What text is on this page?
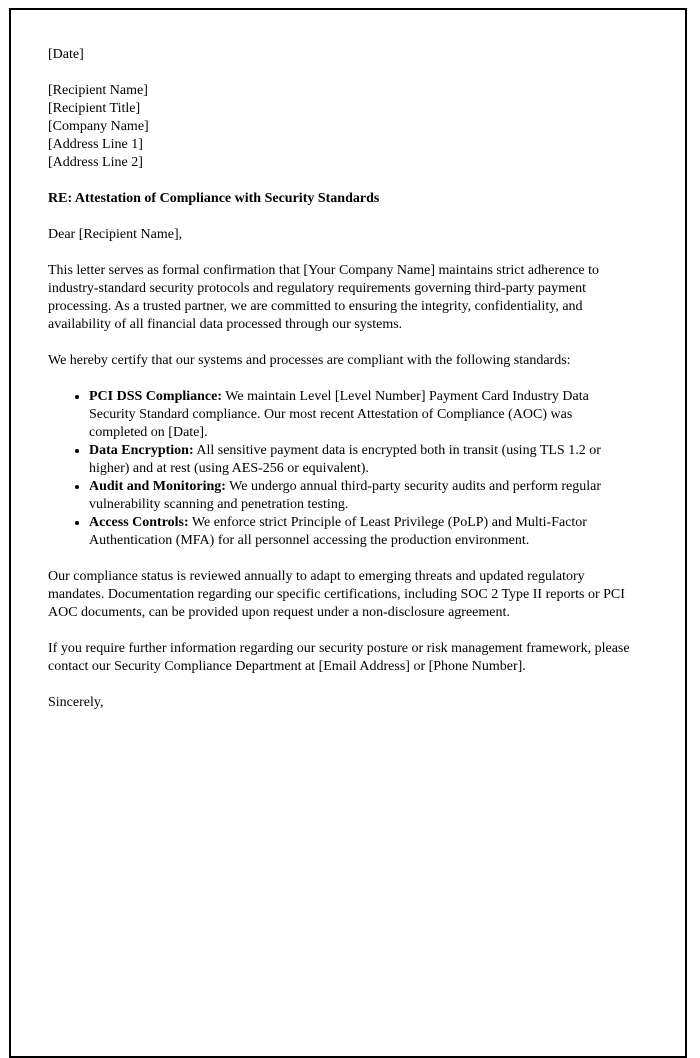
[Date]

[Recipient Name]
[Recipient Title]
[Company Name]
[Address Line 1]
[Address Line 2]

RE: Attestation of Compliance with Security Standards

Dear [Recipient Name],

This letter serves as formal confirmation that [Your Company Name] maintains strict adherence to industry-standard security protocols and regulatory requirements governing third-party payment processing. As a trusted partner, we are committed to ensuring the integrity, confidentiality, and availability of all financial data processed through our systems.

We hereby certify that our systems and processes are compliant with the following standards:

• PCI DSS Compliance: We maintain Level [Level Number] Payment Card Industry Data Security Standard compliance. Our most recent Attestation of Compliance (AOC) was completed on [Date].
• Data Encryption: All sensitive payment data is encrypted both in transit (using TLS 1.2 or higher) and at rest (using AES-256 or equivalent).
• Audit and Monitoring: We undergo annual third-party security audits and perform regular vulnerability scanning and penetration testing.
• Access Controls: We enforce strict Principle of Least Privilege (PoLP) and Multi-Factor Authentication (MFA) for all personnel accessing the production environment.

Our compliance status is reviewed annually to adapt to emerging threats and updated regulatory mandates. Documentation regarding our specific certifications, including SOC 2 Type II reports or PCI AOC documents, can be provided upon request under a non-disclosure agreement.

If you require further information regarding our security posture or risk management framework, please contact our Security Compliance Department at [Email Address] or [Phone Number].

Sincerely,
